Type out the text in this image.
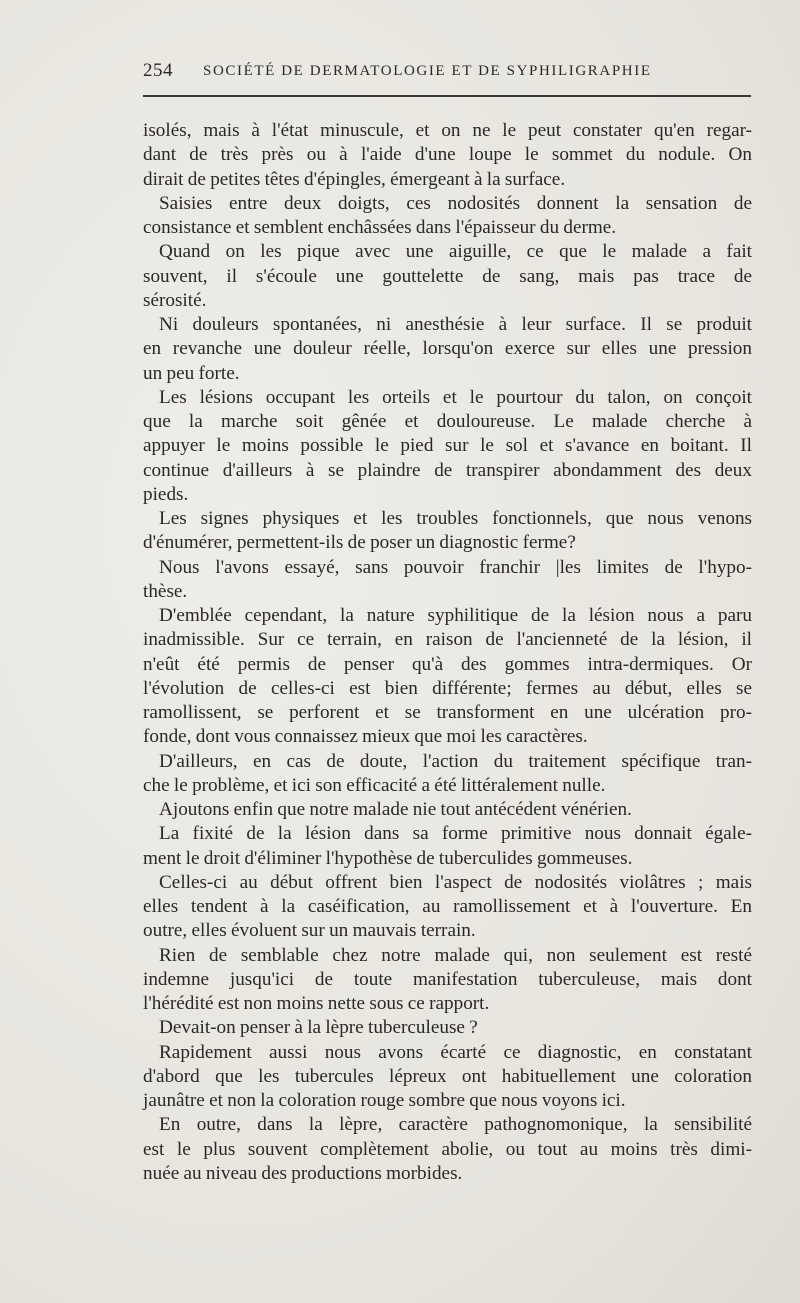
254 SOCIÉTÉ DE DERMATOLOGIE ET DE SYPHILIGRAPHIE
isolés, mais à l'état minuscule, et on ne le peut constater qu'en regar-
dant de très près ou à l'aide d'une loupe le sommet du nodule. On
dirait de petites têtes d'épingles, émergeant à la surface.
Saisies entre deux doigts, ces nodosités donnent la sensation de
consistance et semblent enchâssées dans l'épaisseur du derme.
Quand on les pique avec une aiguille, ce que le malade a fait
souvent, il s'écoule une gouttelette de sang, mais pas trace de
sérosité.
Ni douleurs spontanées, ni anesthésie à leur surface. Il se produit
en revanche une douleur réelle, lorsqu'on exerce sur elles une pression
un peu forte.
Les lésions occupant les orteils et le pourtour du talon, on conçoit
que la marche soit gênée et douloureuse. Le malade cherche à
appuyer le moins possible le pied sur le sol et s'avance en boitant. Il
continue d'ailleurs à se plaindre de transpirer abondamment des deux
pieds.
Les signes physiques et les troubles fonctionnels, que nous venons
d'énumérer, permettent-ils de poser un diagnostic ferme?
Nous l'avons essayé, sans pouvoir franchir |les limites de l'hypo-
thèse.
D'emblée cependant, la nature syphilitique de la lésion nous a paru
inadmissible. Sur ce terrain, en raison de l'ancienneté de la lésion, il
n'eût été permis de penser qu'à des gommes intra-dermiques. Or
l'évolution de celles-ci est bien différente; fermes au début, elles se
ramollissent, se perforent et se transforment en une ulcération pro-
fonde, dont vous connaissez mieux que moi les caractères.
D'ailleurs, en cas de doute, l'action du traitement spécifique tran-
che le problème, et ici son efficacité a été littéralement nulle.
Ajoutons enfin que notre malade nie tout antécédent vénérien.
La fixité de la lésion dans sa forme primitive nous donnait égale-
ment le droit d'éliminer l'hypothèse de tuberculides gommeuses.
Celles-ci au début offrent bien l'aspect de nodosités violâtres ; mais
elles tendent à la caséification, au ramollissement et à l'ouverture. En
outre, elles évoluent sur un mauvais terrain.
Rien de semblable chez notre malade qui, non seulement est resté
indemne jusqu'ici de toute manifestation tuberculeuse, mais dont
l'hérédité est non moins nette sous ce rapport.
Devait-on penser à la lèpre tuberculeuse ?
Rapidement aussi nous avons écarté ce diagnostic, en constatant
d'abord que les tubercules lépreux ont habituellement une coloration
jaunâtre et non la coloration rouge sombre que nous voyons ici.
En outre, dans la lèpre, caractère pathognomonique, la sensibilité
est le plus souvent complètement abolie, ou tout au moins très dimi-
nuée au niveau des productions morbides.
